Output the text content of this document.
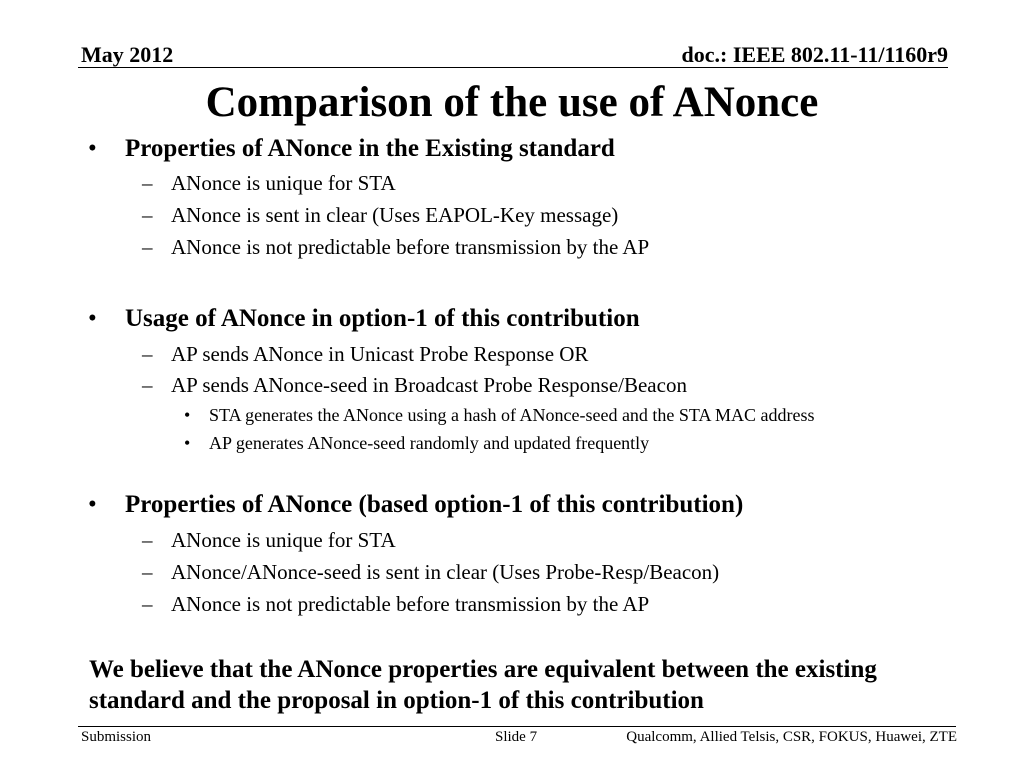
May 2012	doc.: IEEE 802.11-11/1160r9
Comparison of the use of ANonce
• Properties of ANonce in the Existing standard
– ANonce is unique for STA
– ANonce is sent in clear (Uses EAPOL-Key message)
– ANonce is not predictable before transmission by the AP
• Usage of ANonce in option-1 of this contribution
– AP sends ANonce in Unicast Probe Response OR
– AP sends ANonce-seed in Broadcast Probe Response/Beacon
• STA generates the ANonce using a hash of ANonce-seed and the STA MAC address
• AP generates ANonce-seed randomly and updated frequently
• Properties of ANonce (based option-1 of this contribution)
– ANonce is unique for STA
– ANonce/ANonce-seed is sent in clear (Uses Probe-Resp/Beacon)
– ANonce is not predictable before transmission by the AP
We believe that the ANonce properties are equivalent between the existing standard and the proposal in option-1 of this contribution
Submission	Slide 7	Qualcomm, Allied Telsis, CSR, FOKUS, Huawei, ZTE
